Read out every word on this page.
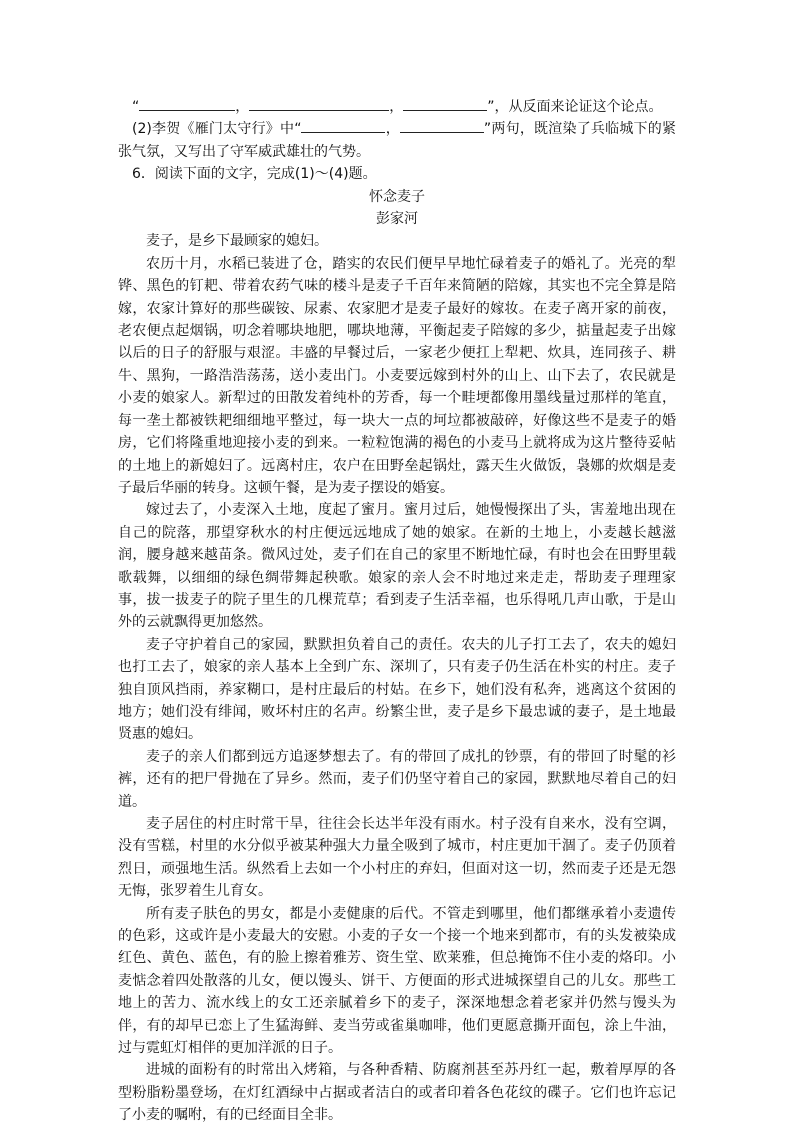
“	，	，	”，从反面来论证这个论点。

(2)李贺《雁门太守行》中“	，	”两句，既渲染了兵临城下的紧张气氛，又写出了守军威武雄壮的气势。

6．阅读下面的文字，完成(1)～(4)题。

怀念麦子

彭家河

麦子，是乡下最顾家的媳妇。

农历十月，水稻已装进了仓，踏实的农民们便早早地忙碌着麦子的婚礼了。光亮的犁铧、黑色的钉耙、带着农药气味的楼斗是麦子千百年来简陋的陪嫁，其实也不完全算是陪嫁，农家计算好的那些碳铵、尿素、农家肥才是麦子最好的嫁妆。在麦子离开家的前夜，老农便点起烟锅，叨念着哪块地肥，哪块地薄，平衡起麦子陪嫁的多少，掂量起麦子出嫁以后的日子的舒服与艰涩。丰盛的早餐过后，一家老少便扛上犁耙、炊具，连同孩子、耕牛、黑狗，一路浩浩荡荡，送小麦出门。小麦要远嫁到村外的山上、山下去了，农民就是小麦的娘家人。新犁过的田散发着纯朴的芳香，每一个畦埂都像用墨线量过那样的笔直，每一垄土都被铁耙细细地平整过，每一块大一点的坷垃都被敲碎，好像这些不是麦子的婚房，它们将隆重地迎接小麦的到来。一粒粒饱满的褐色的小麦马上就将成为这片整待妥帖的土地上的新媳妇了。远离村庄，农户在田野垒起锅灶，露天生火做饭，袅娜的炊烟是麦子最后华丽的转身。这顿午餐，是为麦子摆设的婚宴。

嫁过去了，小麦深入土地，度起了蜜月。蜜月过后，她慢慢探出了头，害羞地出现在自己的院落，那望穿秋水的村庄便远远地成了她的娘家。在新的土地上，小麦越长越滋润，腰身越来越苗条。微风过处，麦子们在自己的家里不断地忙碌，有时也会在田野里载歌载舞，以细细的绿色绸带舞起秧歌。娘家的亲人会不时地过来走走，帮助麦子理理家事，拔一拔麦子的院子里生的几棵荒草；看到麦子生活幸福，也乐得吼几声山歌，于是山外的云就飘得更加悠然。

麦子守护着自己的家园，默默担负着自己的责任。农夫的儿子打工去了，农夫的媳妇也打工去了，娘家的亲人基本上全到广东、深圳了，只有麦子仍生活在朴实的村庄。麦子独自顶风挡雨，养家糊口，是村庄最后的村姑。在乡下，她们没有私奔，逃离这个贫困的地方；她们没有绯闻，败坏村庄的名声。纷繁尘世，麦子是乡下最忠诚的妻子，是土地最贤惠的媳妇。

麦子的亲人们都到远方追逐梦想去了。有的带回了成扎的钞票，有的带回了时髦的衫裤，还有的把尸骨抛在了异乡。然而，麦子们仍坚守着自己的家园，默默地尽着自己的妇道。

麦子居住的村庄时常干旱，往往会长达半年没有雨水。村子没有自来水，没有空调，没有雪糕，村里的水分似乎被某种强大力量全吸到了城市，村庄更加干涸了。麦子仍顶着烈日，顽强地生活。纵然看上去如一个小村庄的弃妇，但面对这一切，然而麦子还是无怨无悔，张罗着生儿育女。

所有麦子肤色的男女，都是小麦健康的后代。不管走到哪里，他们都继承着小麦遗传的色彩，这或许是小麦最大的安慰。小麦的子女一个接一个地来到都市，有的头发被染成红色、黄色、蓝色，有的脸上擦着雅芳、资生堂、欧莱雅，但总掩饰不住小麦的烙印。小麦惦念着四处散落的儿女，便以馒头、饼干、方便面的形式进城探望自己的儿女。那些工地上的苦力、流水线上的女工还亲腻着乡下的麦子，深深地想念着老家并仍然与馒头为伴，有的却早已恋上了生猛海鲜、麦当劳或雀巢咖啡，他们更愿意撕开面包，涂上牛油，过与霓虹灯相伴的更加洋派的日子。

进城的面粉有的时常出入烤箱，与各种香精、防腐剂甚至苏丹红一起，敷着厚厚的各型粉脂粉墨登场，在灯红酒绿中占据或者洁白的或者印着各色花纹的碟子。它们也许忘记了小麦的嘱咐，有的已经面目全非。
